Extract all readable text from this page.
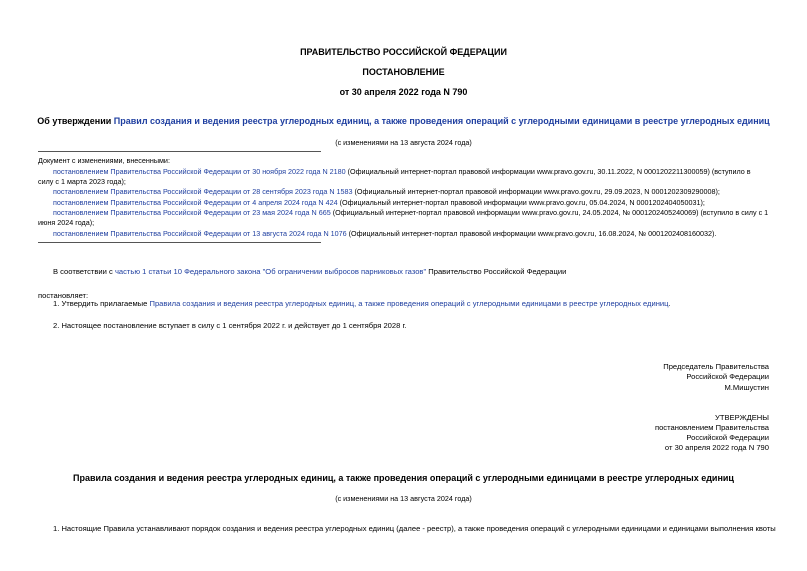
ПРАВИТЕЛЬСТВО РОССИЙСКОЙ ФЕДЕРАЦИИ
ПОСТАНОВЛЕНИЕ
от 30 апреля 2022 года N 790
Об утверждении Правил создания и ведения реестра углеродных единиц, а также проведения операций с углеродными единицами в реестре углеродных единиц
(с изменениями на 13 августа 2024 года)
Документ с изменениями, внесенными:
постановлением Правительства Российской Федерации от 30 ноября 2022 года N 2180 (Официальный интернет-портал правовой информации www.pravo.gov.ru, 30.11.2022, N 0001202211300059) (вступило в
силу с 1 марта 2023 года);
постановлением Правительства Российской Федерации от 28 сентября 2023 года N 1583 (Официальный интернет-портал правовой информации www.pravo.gov.ru, 29.09.2023, N 0001202309290008);
постановлением Правительства Российской Федерации от 4 апреля 2024 года N 424 (Официальный интернет-портал правовой информации www.pravo.gov.ru, 05.04.2024, N 0001202404050031);
постановлением Правительства Российской Федерации от 23 мая 2024 года N 665 (Официальный интернет-портал правовой информации www.pravo.gov.ru, 24.05.2024, № 0001202405240069) (вступило в силу с 1
июня 2024 года);
постановлением Правительства Российской Федерации от 13 августа 2024 года N 1076 (Официальный интернет-портал правовой информации www.pravo.gov.ru, 16.08.2024, № 0001202408160032).
В соответствии с частью 1 статьи 10 Федерального закона "Об ограничении выбросов парниковых газов" Правительство Российской Федерации
постановляет:
1. Утвердить прилагаемые Правила создания и ведения реестра углеродных единиц, а также проведения операций с углеродными единицами в реестре углеродных единиц.
2. Настоящее постановление вступает в силу с 1 сентября 2022 г. и действует до 1 сентября 2028 г.
Председатель Правительства
Российской Федерации
М.Мишустин
УТВЕРЖДЕНЫ
постановлением Правительства
Российской Федерации
от 30 апреля 2022 года N 790
Правила создания и ведения реестра углеродных единиц, а также проведения операций с углеродными единицами в реестре углеродных единиц
(с изменениями на 13 августа 2024 года)
1. Настоящие Правила устанавливают порядок создания и ведения реестра углеродных единиц (далее - реестр), а также проведения операций с углеродными единицами и единицами выполнения квоты
